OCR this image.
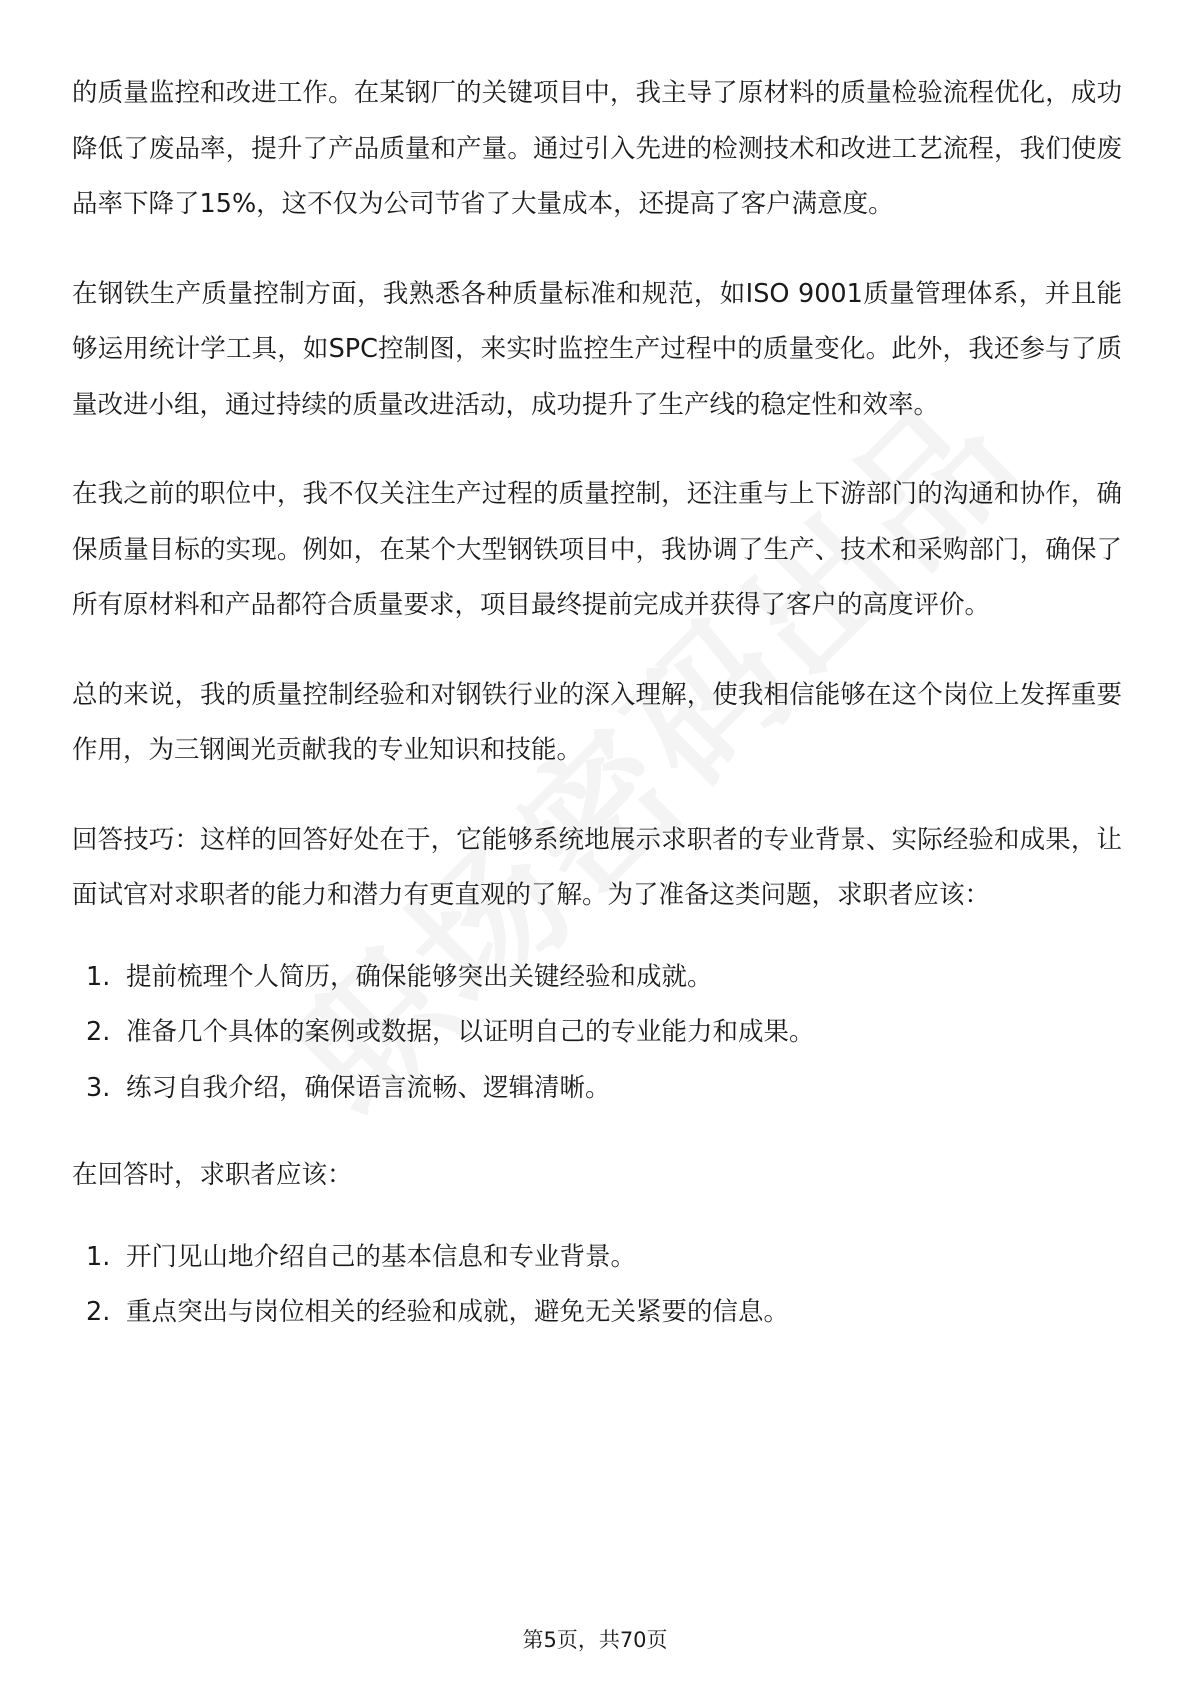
的质量监控和改进工作。在某钢厂的关键项目中，我主导了原材料的质量检验流程优化，成功降低了废品率，提升了产品质量和产量。通过引入先进的检测技术和改进工艺流程，我们使废品率下降了15%，这不仅为公司节省了大量成本，还提高了客户满意度。

在钢铁生产质量控制方面，我熟悉各种质量标准和规范，如ISO 9001质量管理体系，并且能够运用统计学工具，如SPC控制图，来实时监控生产过程中的质量变化。此外，我还参与了质量改进小组，通过持续的质量改进活动，成功提升了生产线的稳定性和效率。

在我之前的职位中，我不仅关注生产过程的质量控制，还注重与上下游部门的沟通和协作，确保质量目标的实现。例如，在某个大型钢铁项目中，我协调了生产、技术和采购部门，确保了所有原材料和产品都符合质量要求，项目最终提前完成并获得了客户的高度评价。

总的来说，我的质量控制经验和对钢铁行业的深入理解，使我相信能够在这个岗位上发挥重要作用，为三钢闽光贡献我的专业知识和技能。

回答技巧：这样的回答好处在于，它能够系统地展示求职者的专业背景、实际经验和成果，让面试官对求职者的能力和潜力有更直观的了解。为了准备这类问题，求职者应该：

1. 提前梳理个人简历，确保能够突出关键经验和成就。
2. 准备几个具体的案例或数据，以证明自己的专业能力和成果。
3. 练习自我介绍，确保语言流畅、逻辑清晰。

在回答时，求职者应该：

1. 开门见山地介绍自己的基本信息和专业背景。
2. 重点突出与岗位相关的经验和成就，避免无关紧要的信息。
第5页，共70页
